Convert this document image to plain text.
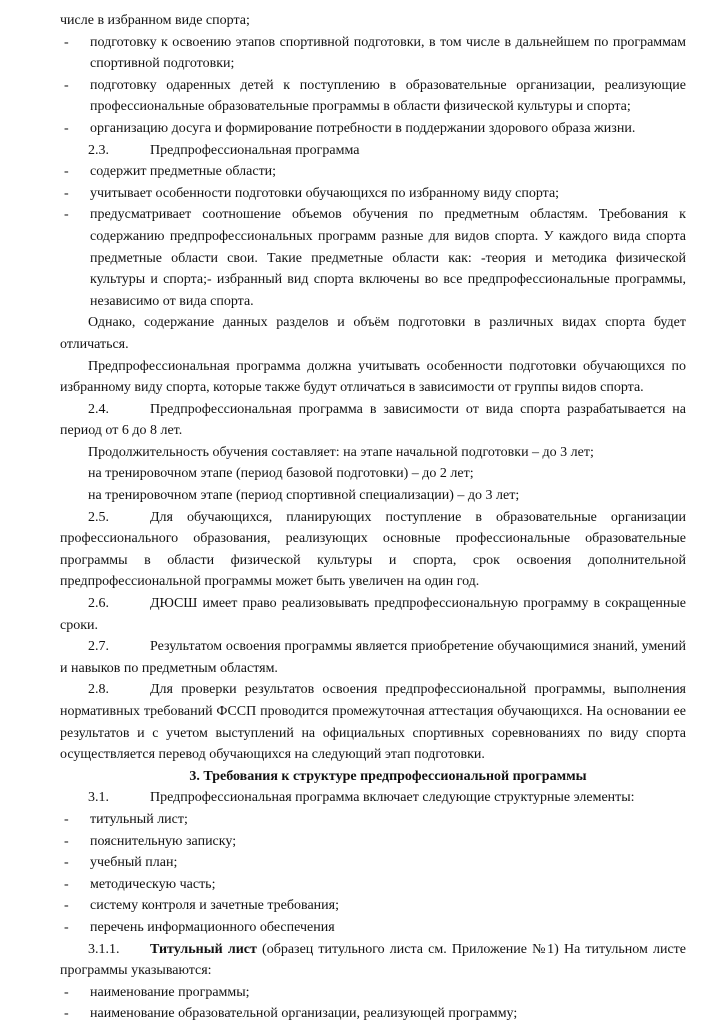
числе в избранном виде спорта;

- подготовку к освоению этапов спортивной подготовки, в том числе в дальнейшем по программам спортивной подготовки;

- подготовку одаренных детей к поступлению в образовательные организации, реализующие профессиональные образовательные программы в области физической культуры и спорта;

- организацию досуга и формирование потребности в поддержании здорового образа жизни.

2.3.	Предпрофессиональная программа

- содержит предметные области;

- учитывает особенности подготовки обучающихся по избранному виду спорта;

- предусматривает соотношение объемов обучения по предметным областям. Требования к содержанию предпрофессиональных программ разные для видов спорта. У каждого вида спорта предметные области свои. Такие предметные области как: -теория и методика физической культуры и спорта;- избранный вид спорта включены во все предпрофессиональные программы, независимо от вида спорта.

Однако, содержание данных разделов и объём подготовки в различных видах спорта будет отличаться.

Предпрофессиональная программа должна учитывать особенности подготовки обучающихся по избранному виду спорта, которые также будут отличаться в зависимости от группы видов спорта.

2.4.	Предпрофессиональная программа в зависимости от вида спорта разрабатывается на период от 6 до 8 лет.

Продолжительность обучения составляет: на этапе начальной подготовки – до 3 лет;

на тренировочном этапе (период базовой подготовки) – до 2 лет;

на тренировочном этапе (период спортивной специализации) – до 3 лет;

2.5.	Для обучающихся, планирующих поступление в образовательные организации профессионального образования, реализующих основные профессиональные образовательные программы в области физической культуры и спорта, срок освоения дополнительной предпрофессиональной программы может быть увеличен на один год.

2.6.	ДЮСШ имеет право реализовывать предпрофессиональную программу в сокращенные сроки.

2.7.	Результатом освоения программы является приобретение обучающимися знаний, умений и навыков по предметным областям.

2.8.	Для проверки результатов освоения предпрофессиональной программы, выполнения нормативных требований ФССП проводится промежуточная аттестация обучающихся. На основании ее результатов и с учетом выступлений на официальных спортивных соревнованиях по виду спорта осуществляется перевод обучающихся на следующий этап подготовки.

3. Требования к структуре предпрофессиональной программы

3.1.	Предпрофессиональная программа включает следующие структурные элементы:

- титульный лист;

- пояснительную записку;

- учебный план;

- методическую часть;

- систему контроля и зачетные требования;

- перечень информационного обеспечения

3.1.1. Титульный лист (образец титульного листа см. Приложение №1) На титульном листе программы указываются:

- наименование программы;

- наименование образовательной организации, реализующей программу;
